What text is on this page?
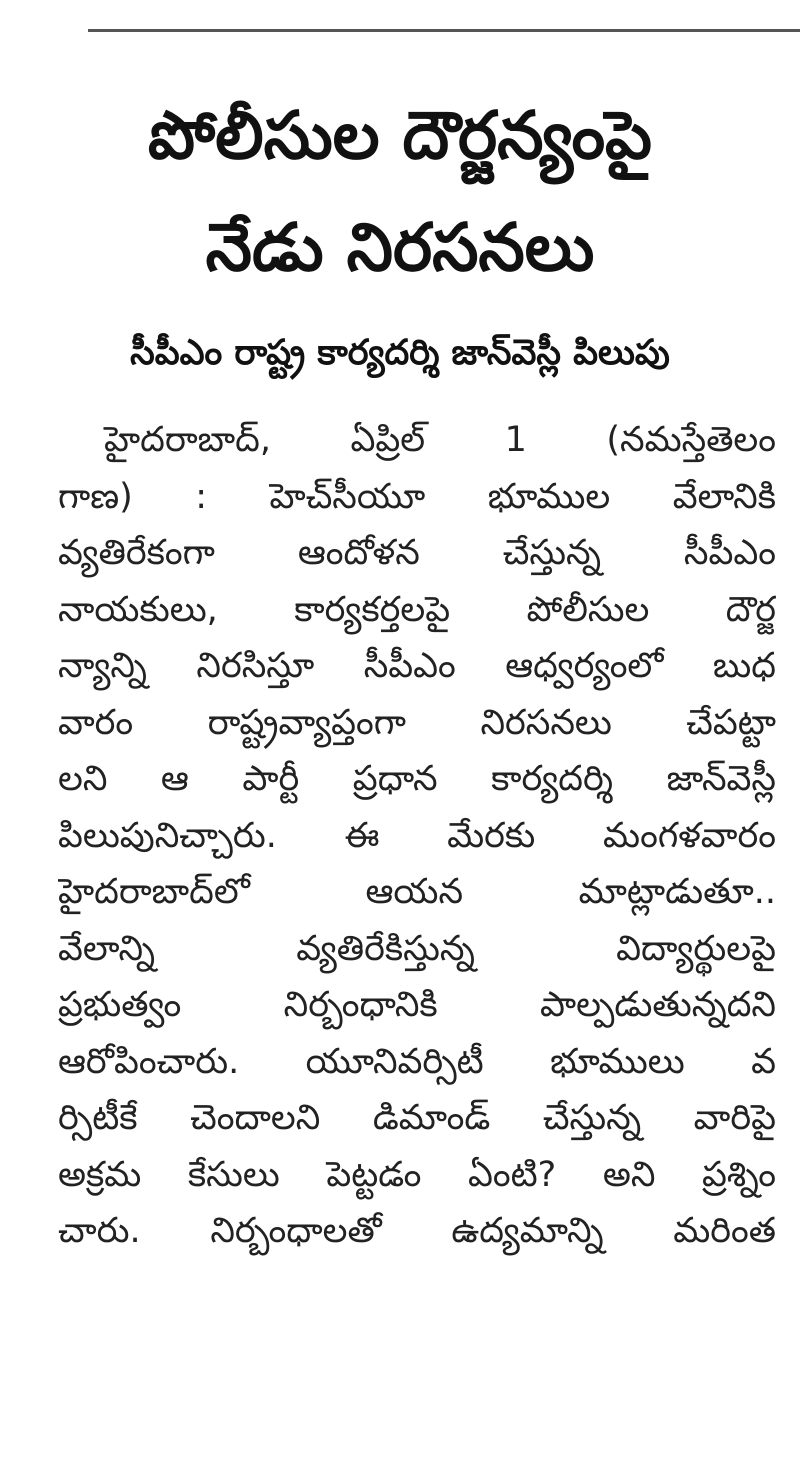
పోలీసుల దౌర్జన్యంపై
నేడు నిరసనలు
సీపీఎం రాష్ట్ర కార్యదర్శి జాన్‌వెస్లీ పిలుపు
హైదరాబాద్, ఏప్రిల్ 1 (నమస్తేతెలం
గాణ) : హెచ్‌సీయూ భూముల వేలానికి
వ్యతిరేకంగా ఆందోళన చేస్తున్న సీపీఎం
నాయకులు, కార్యకర్తలపై పోలీసుల దౌర్జ
న్యాన్ని నిరసిస్తూ సీపీఎం ఆధ్వర్యంలో బుధ
వారం రాష్ట్రవ్యాప్తంగా నిరసనలు చేపట్టా
లని ఆ పార్టీ ప్రధాన కార్యదర్శి జాన్‌వెస్లీ
పిలుపునిచ్చారు. ఈ మేరకు మంగళవారం
హైదరాబాద్‌లో ఆయన మాట్లాడుతూ..
వేలాన్ని వ్యతిరేకిస్తున్న విద్యార్థులపై
ప్రభుత్వం నిర్బంధానికి పాల్పడుతున్నదని
ఆరోపించారు. యూనివర్సిటీ భూములు వ
ర్సిటీకే చెందాలని డిమాండ్ చేస్తున్న వారిపై
అక్రమ కేసులు పెట్టడం ఏంటి? అని ప్రశ్నిం
చారు. నిర్బంధాలతో ఉద్యమాన్ని మరింత
